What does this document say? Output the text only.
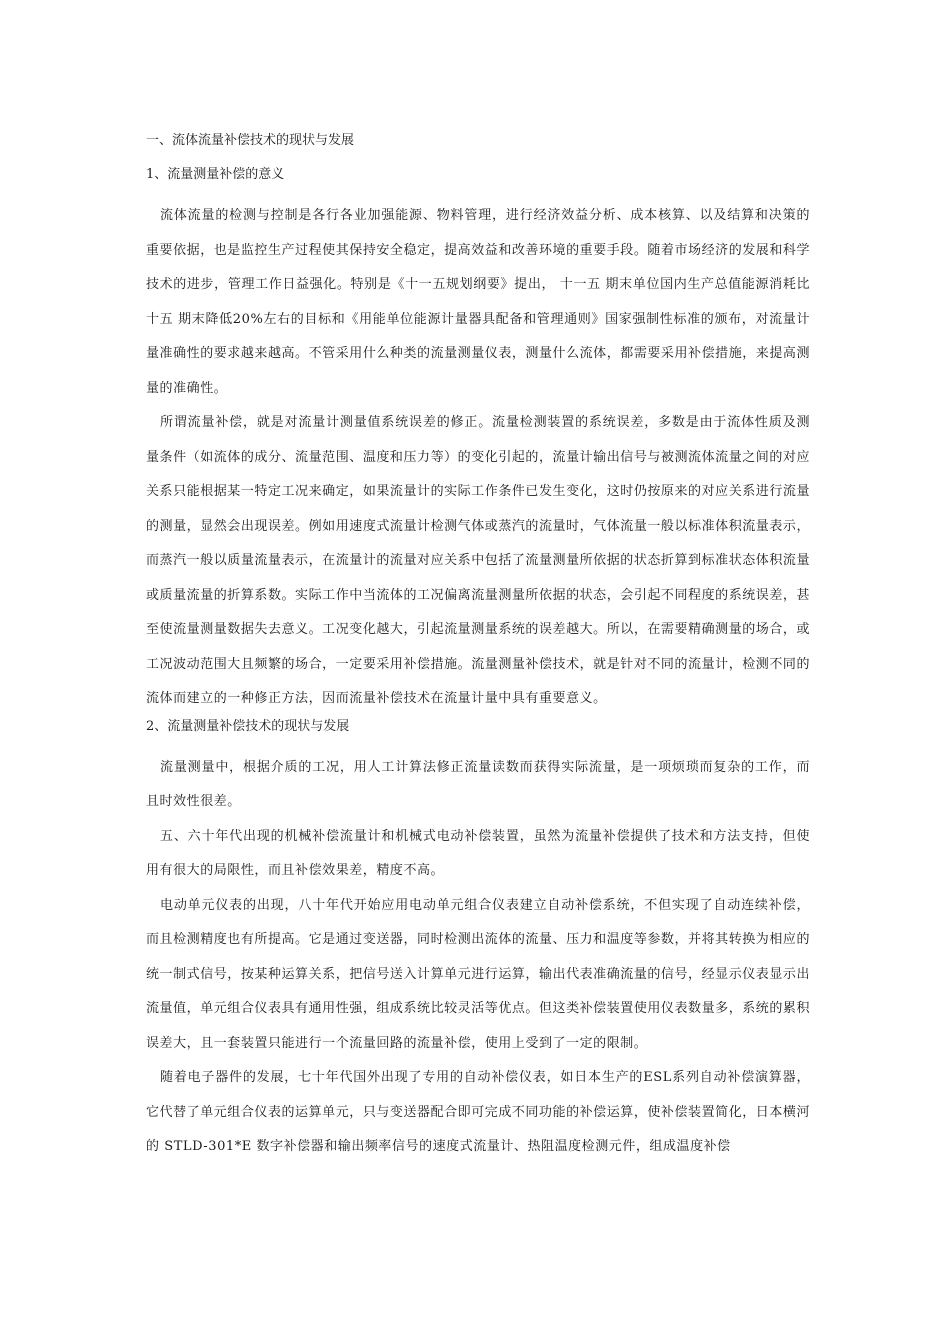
一、流体流量补偿技术的现状与发展
1、流量测量补偿的意义

流体流量的检测与控制是各行各业加强能源、物料管理，进行经济效益分析、成本核算、以及结算和决策的重要依据，也是监控生产过程使其保持安全稳定，提高效益和改善环境的重要手段。随着市场经济的发展和科学技术的进步，管理工作日益强化。特别是《十一五规划纲要》提出， 十一五 期末单位国内生产总值能源消耗比 十五 期末降低20%左右的目标和《用能单位能源计量器具配备和管理通则》国家强制性标准的颁布，对流量计量准确性的要求越来越高。不管采用什么种类的流量测量仪表，测量什么流体，都需要采用补偿措施，来提高测量的准确性。

所谓流量补偿，就是对流量计测量值系统误差的修正。流量检测装置的系统误差，多数是由于流体性质及测量条件（如流体的成分、流量范围、温度和压力等）的变化引起的，流量计输出信号与被测流体流量之间的对应关系只能根据某一特定工况来确定，如果流量计的实际工作条件已发生变化，这时仍按原来的对应关系进行流量的测量，显然会出现误差。例如用速度式流量计检测气体或蒸汽的流量时，气体流量一般以标准体积流量表示，而蒸汽一般以质量流量表示，在流量计的流量对应关系中包括了流量测量所依据的状态折算到标准状态体积流量或质量流量的折算系数。实际工作中当流体的工况偏离流量测量所依据的状态，会引起不同程度的系统误差，甚至使流量测量数据失去意义。工况变化越大，引起流量测量系统的误差越大。所以，在需要精确测量的场合，或工况波动范围大且频繁的场合，一定要采用补偿措施。流量测量补偿技术，就是针对不同的流量计，检测不同的流体而建立的一种修正方法，因而流量补偿技术在流量计量中具有重要意义。

2、流量测量补偿技术的现状与发展

流量测量中，根据介质的工况，用人工计算法修正流量读数而获得实际流量，是一项烦琐而复杂的工作，而且时效性很差。

五、六十年代出现的机械补偿流量计和机械式电动补偿装置，虽然为流量补偿提供了技术和方法支持，但使用有很大的局限性，而且补偿效果差，精度不高。

电动单元仪表的出现，八十年代开始应用电动单元组合仪表建立自动补偿系统，不但实现了自动连续补偿，而且检测精度也有所提高。它是通过变送器，同时检测出流体的流量、压力和温度等参数，并将其转换为相应的统一制式信号，按某种运算关系，把信号送入计算单元进行运算，输出代表准确流量的信号，经显示仪表显示出流量值，单元组合仪表具有通用性强，组成系统比较灵活等优点。但这类补偿装置使用仪表数量多，系统的累积误差大，且一套装置只能进行一个流量回路的流量补偿，使用上受到了一定的限制。

随着电子器件的发展，七十年代国外出现了专用的自动补偿仪表，如日本生产的ESL系列自动补偿演算器，它代替了单元组合仪表的运算单元，只与变送器配合即可完成不同功能的补偿运算，使补偿装置简化，日本横河的 STLD-301*E 数字补偿器和输出频率信号的速度式流量计、热阻温度检测元件，组成温度补偿
